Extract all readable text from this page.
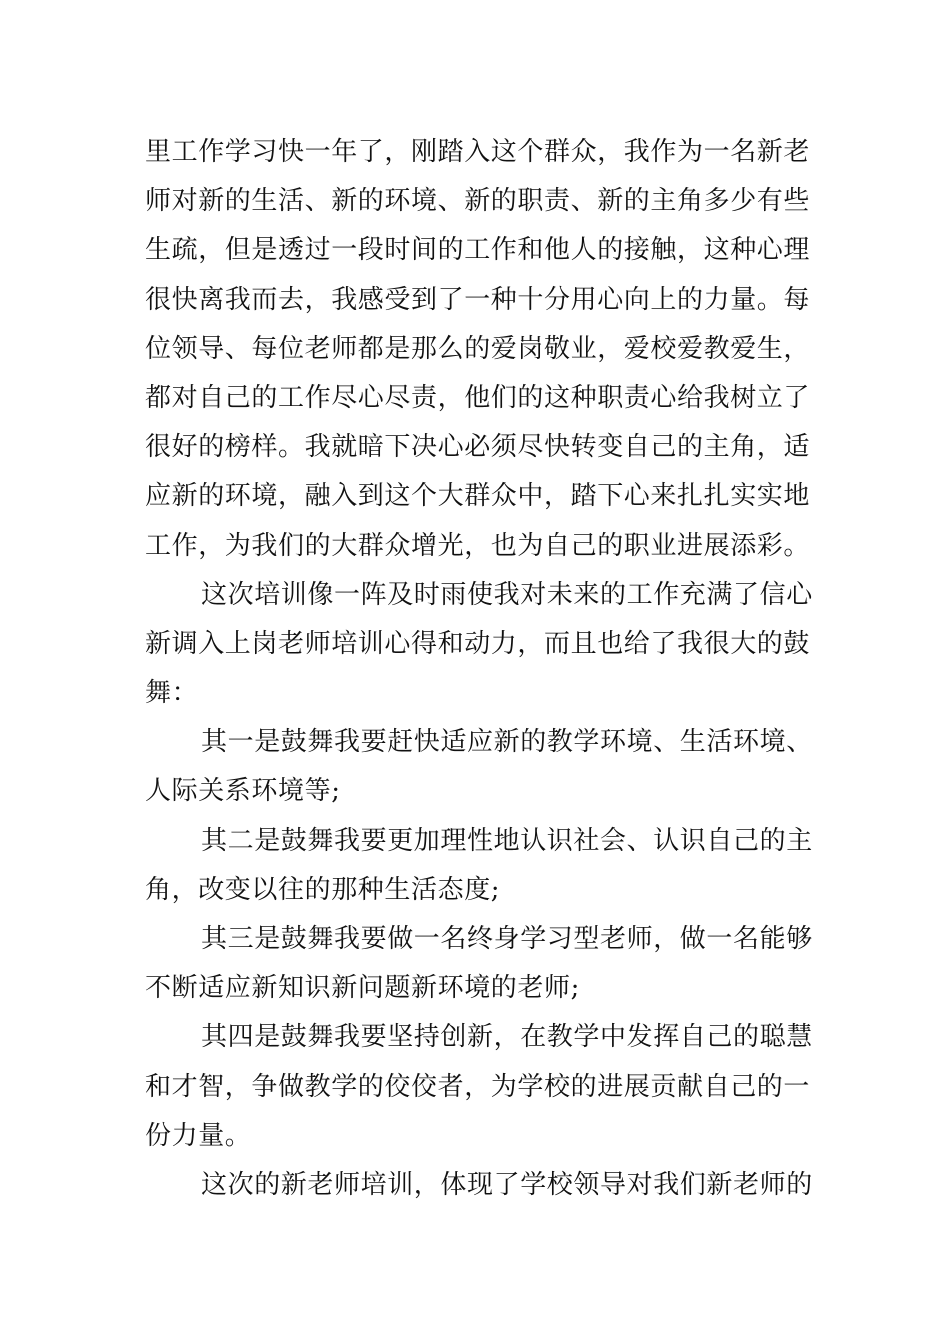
里工作学习快一年了，刚踏入这个群众，我作为一名新老
师对新的生活、新的环境、新的职责、新的主角多少有些
生疏，但是透过一段时间的工作和他人的接触，这种心理
很快离我而去，我感受到了一种十分用心向上的力量。每
位领导、每位老师都是那么的爱岗敬业，爱校爱教爱生，
都对自己的工作尽心尽责，他们的这种职责心给我树立了
很好的榜样。我就暗下决心必须尽快转变自己的主角，适
应新的环境，融入到这个大群众中，踏下心来扎扎实实地
工作，为我们的大群众增光，也为自己的职业进展添彩。
这次培训像一阵及时雨使我对未来的工作充满了信心
新调入上岗老师培训心得和动力，而且也给了我很大的鼓
舞：
其一是鼓舞我要赶快适应新的教学环境、生活环境、
人际关系环境等;
其二是鼓舞我要更加理性地认识社会、认识自己的主
角，改变以往的那种生活态度;
其三是鼓舞我要做一名终身学习型老师，做一名能够
不断适应新知识新问题新环境的老师;
其四是鼓舞我要坚持创新，在教学中发挥自己的聪慧
和才智，争做教学的佼佼者，为学校的进展贡献自己的一
份力量。
这次的新老师培训，体现了学校领导对我们新老师的
